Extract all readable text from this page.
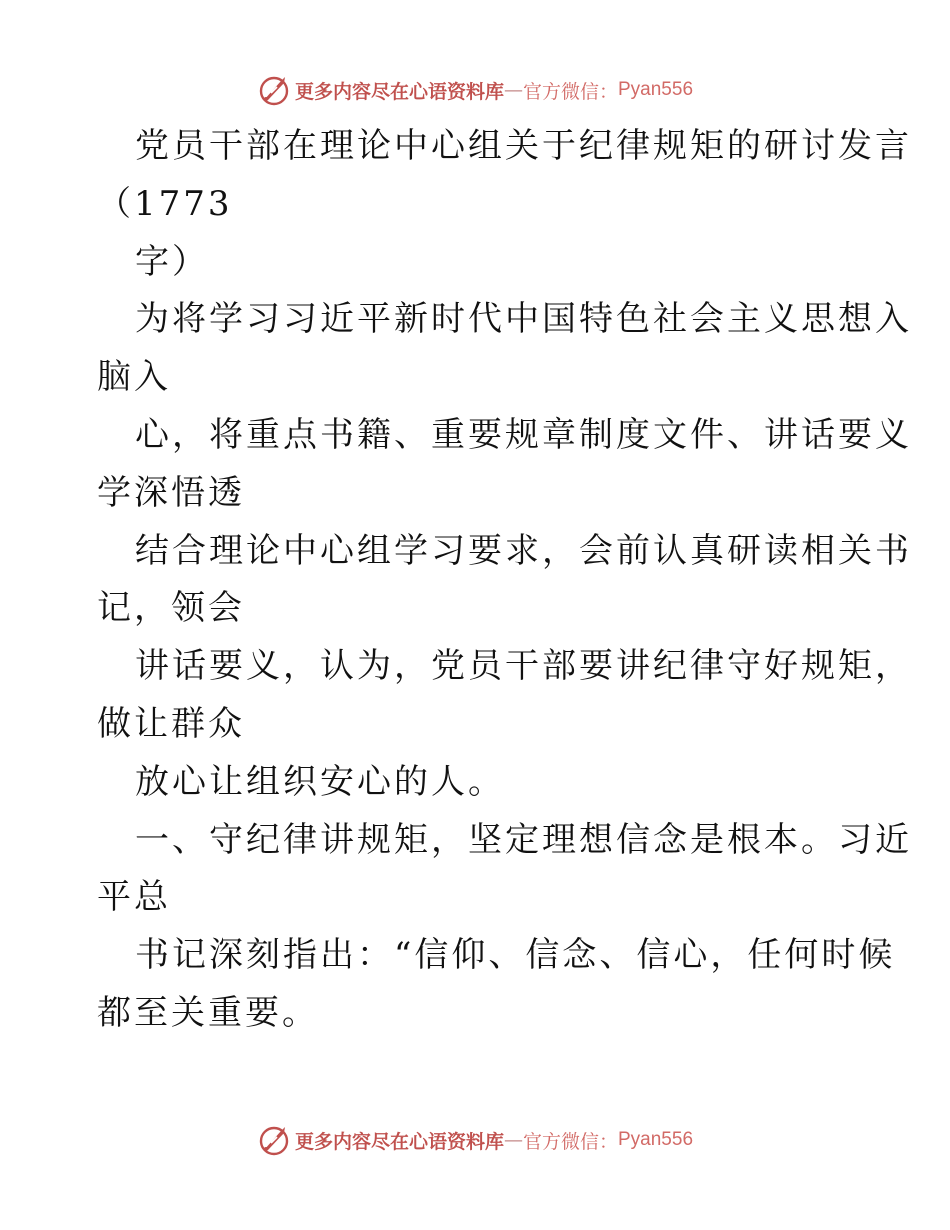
更多内容尽在心语资料库 — 官方微信： Pyan556
党员干部在理论中心组关于纪律规矩的研讨发言
（1773
字）
为将学习习近平新时代中国特色社会主义思想入
脑入
心，将重点书籍、重要规章制度文件、讲话要义
学深悟透
结合理论中心组学习要求，会前认真研读相关书
记，领会
讲话要义，认为，党员干部要讲纪律守好规矩，
做让群众
放心让组织安心的人。
一、守纪律讲规矩，坚定理想信念是根本。习近
平总
书记深刻指出：“信仰、信念、信心，任何时候
都至关重要。
更多内容尽在心语资料库 — 官方微信： Pyan556
